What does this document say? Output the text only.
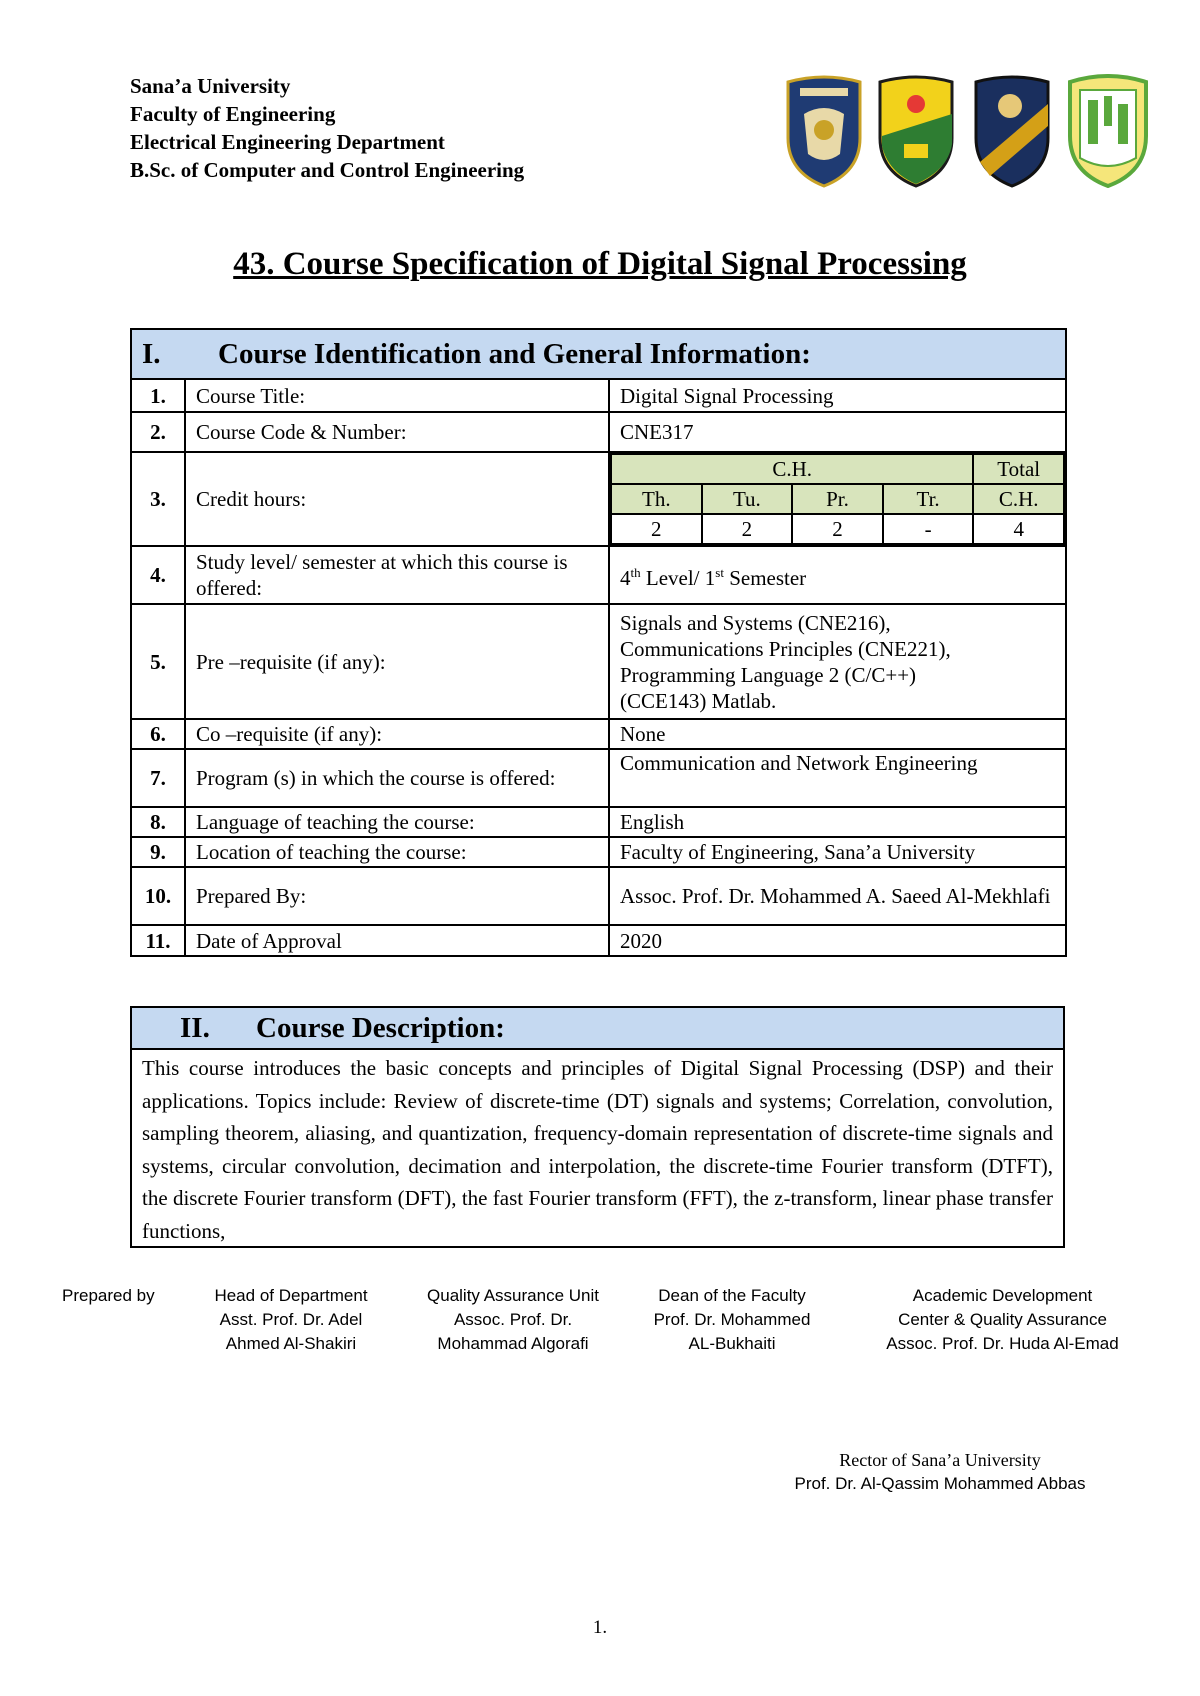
Sana’a University
Faculty of Engineering
Electrical Engineering Department
B.Sc. of Computer and Control Engineering
43. Course Specification of Digital Signal Processing
I. Course Identification and General Information:
1.	Course Title:	Digital Signal Processing
2.	Course Code & Number:	CNE317
3.	Credit hours:	
C.H.	Total
Th.	Tu.	Pr.	Tr.	C.H.
2	2	2	-	4

4.	Study level/ semester at which this course is offered:	4th Level/ 1st Semester
5.	Pre –requisite (if any):	
Signals and Systems (CNE216),
Communications Principles (CNE221),
Programming Language 2 (C/C++)
(CCE143) Matlab.

6.	Co –requisite (if any):	None
7.	Program (s) in which the course is offered:	Communication and Network Engineering
8.	Language of teaching the course:	English
9.	Location of teaching the course:	Faculty of Engineering, Sana’a University
10.	Prepared By:	Assoc. Prof. Dr. Mohammed A. Saeed Al-Mekhlafi
11.	Date of Approval	2020
II. Course Description:
This course introduces the basic concepts and principles of Digital Signal Processing (DSP) and their applications. Topics include: Review of discrete-time (DT) signals and systems; Correlation, convolution, sampling theorem, aliasing, and quantization, frequency-domain representation of discrete-time signals and systems, circular convolution, decimation and interpolation, the discrete-time Fourier transform (DTFT), the discrete Fourier transform (DFT), the fast Fourier transform (FFT), the z-transform, linear phase transfer functions,
Prepared by	Head of Department
Asst. Prof. Dr. Adel
Ahmed Al-Shakiri
Quality Assurance Unit
Assoc. Prof. Dr.
Mohammad Algorafi
Dean of the Faculty
Prof. Dr. Mohammed
AL-Bukhaiti
Academic Development
Center & Quality Assurance
Assoc. Prof. Dr. Huda Al-Emad
Rector of Sana’a University
Prof. Dr. Al-Qassim Mohammed Abbas
1.
